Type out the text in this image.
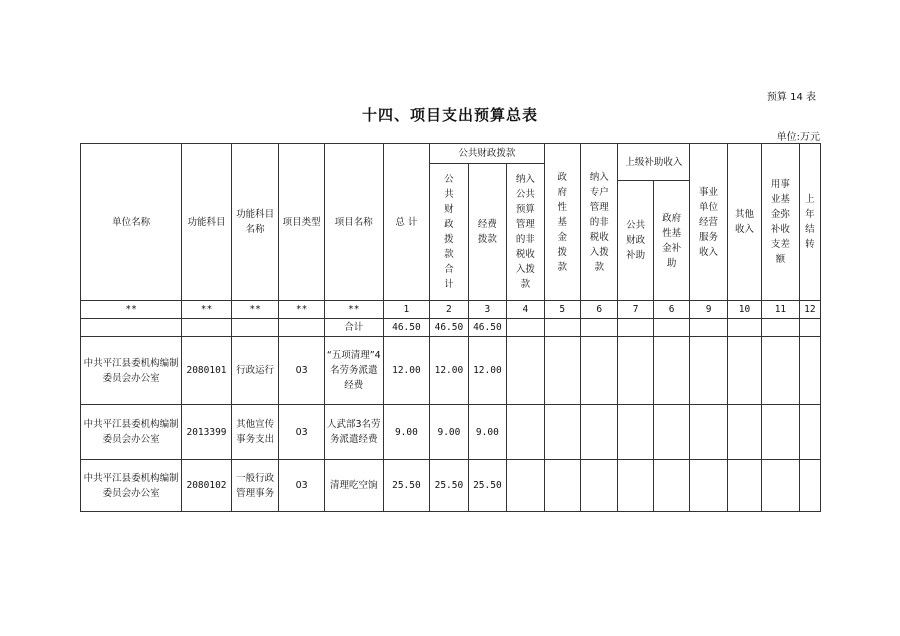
预算 14 表
十四、项目支出预算总表
单位:万元
单位名称	功能科目	功能科目名称	项目类型	项目名称	总 计	公共财政拨款			政府性基金拨款	纳入专户管理的非税收入拨款	上级补助收入		事业单位经营服务收入	其他收入	用事业基金弥补收支差额	上年结转
						公共财政拨款合计	经费拨款	纳入公共预算管理的非税收入拨款								
											公共财政补助	政府性基金补助				
**	**	**	**	**	1	2	3	4	5	6	7	6	9	10	11	12
				合计	46.50	46.50	46.50									
中共平江县委机构编制委员会办公室	2080101	行政运行	03	“五项清理”4名劳务派遣经费	12.00	12.00	12.00									
中共平江县委机构编制委员会办公室	2013399	其他宣传事务支出	03	人武部3名劳务派遣经费	9.00	9.00	9.00									
中共平江县委机构编制委员会办公室	2080102	一般行政管理事务	03	清理吃空饷	25.50	25.50	25.50									
